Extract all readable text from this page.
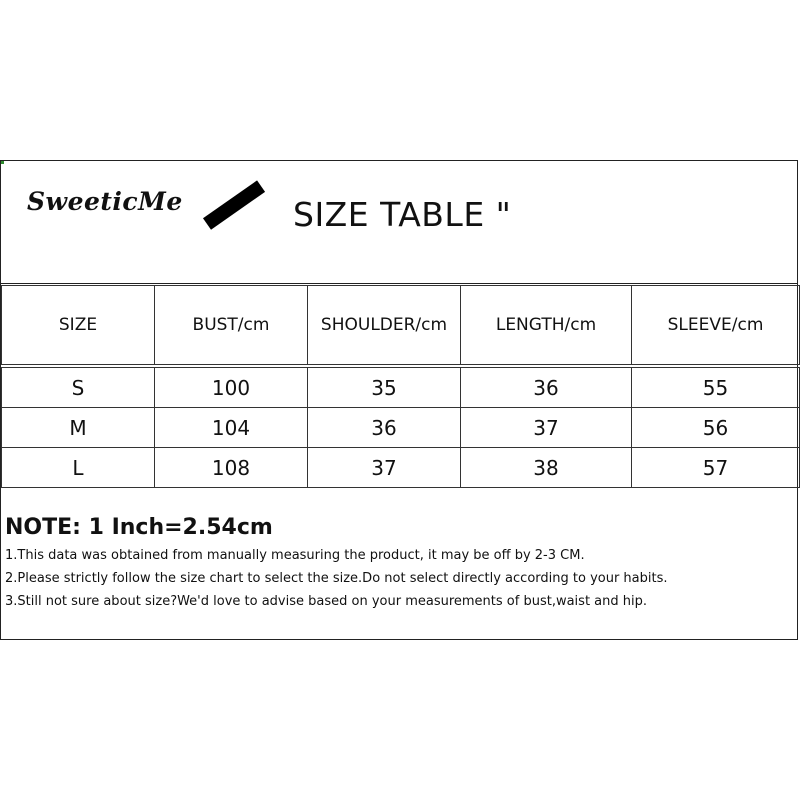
SweeticMe	SIZE TABLE "
SIZE	BUST/cm	SHOULDER/cm	LENGTH/cm	SLEEVE/cm

S	100	35	36	55
M	104	36	37	56
L	108	37	38	57
NOTE: 1 Inch=2.54cm
1.This data was obtained from manually measuring the product, it may be off by 2-3 CM.
2.Please strictly follow the size chart to select the size.Do not select directly according to your habits.
3.Still not sure about size?We'd love to advise based on your measurements of bust,waist and hip.
